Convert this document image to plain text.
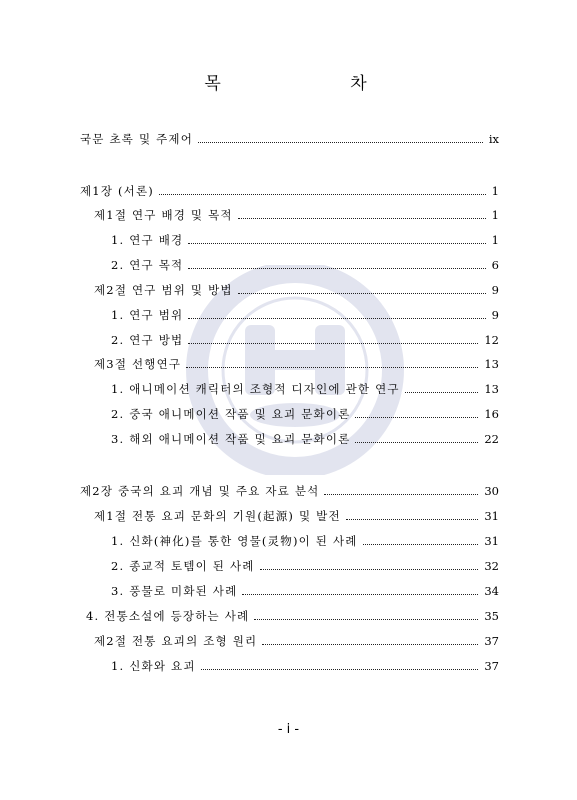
목 차
국문 초록 및 주제어	ix
제1장 (서론)	1
제1절 연구 배경 및 목적	1
1. 연구 배경	1
2. 연구 목적	6
제2절 연구 범위 및 방법	9
1. 연구 범위	9
2. 연구 방법	12
제3절 선행연구	13
1. 애니메이션 캐릭터의 조형적 디자인에 관한 연구	13
2. 중국 애니메이션 작품 및 요괴 문화이론	16
3. 해외 애니메이션 작품 및 요괴 문화이론	22
제2장 중국의 요괴 개념 및 주요 자료 분석	30
제1절 전통 요괴 문화의 기원(起源) 및 발전	31
1. 신화(神化)를 통한 영물(灵物)이 된 사례	31
2. 종교적 토템이 된 사례	32
3. 풍물로 미화된 사례	34
4. 전통소설에 등장하는 사례	35
제2절 전통 요괴의 조형 원리	37
1. 신화와 요괴	37
- i -
